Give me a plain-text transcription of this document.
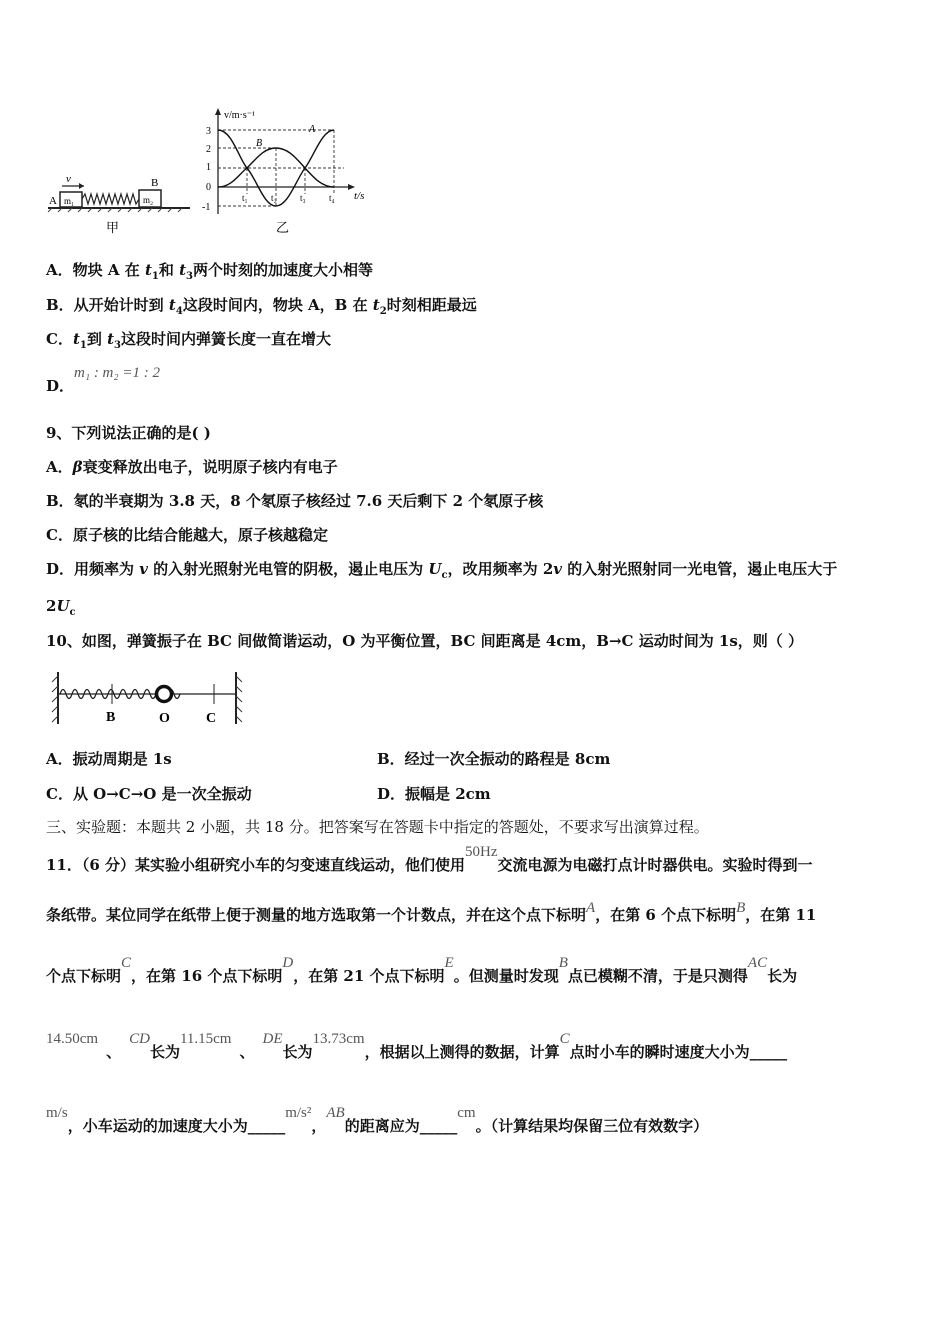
m₁
A	m₂
B
v
甲
v/m·s⁻¹
t/s
3
2
1
0
-1
A
B
t₁	t₂	t₃	t₄
乙
A．物块 A 在 $t_1$和 $t_3$两个时刻的加速度大小相等
B．从开始计时到 $t_4$这段时间内，物块 A，B 在 $t_2$时刻相距最远
C．$t_1$到 $t_3$这段时间内弹簧长度一直在增大
D．m₁ : m₂ =1 : 2
9、下列说法正确的是( )
A．β衰变释放出电子，说明原子核内有电子
B．氡的半衰期为 3.8 天，8 个氡原子核经过 7.6 天后剩下 2 个氡原子核
C．原子核的比结合能越大，原子核越稳定
D．用频率为 v 的入射光照射光电管的阴极，遏止电压为 $U_c$，改用频率为 2v 的入射光照射同一光电管，遏止电压大于
$2U_c$
10、如图，弹簧振子在 BC 间做简谐运动，O 为平衡位置，BC 间距离是 4cm，B→C 运动时间为 1s，则（ ）
B	O	C
A．振动周期是 1s	B．经过一次全振动的路程是 8cm
C．从 O→C→O 是一次全振动	D．振幅是 2cm
三、实验题：本题共 2 小题，共 18 分。把答案写在答题卡中指定的答题处，不要求写出演算过程。
11．（6 分）某实验小组研究小车的匀变速直线运动，他们使用50Hz交流电源为电磁打点计时器供电。实验时得到一
条纸带。某位同学在纸带上便于测量的地方选取第一个计数点，并在这个点下标明A，在第 6 个点下标明B，在第 11
个点下标明C，在第 16 个点下标明D，在第 21 个点下标明E。但测量时发现B点已模糊不清，于是只测得AC长为
14.50cm、CD长为11.15cm、DE长为13.73cm，根据以上测得的数据，计算C点时小车的瞬时速度大小为_____
m/s，小车运动的加速度大小为_____m/s²，AB的距离应为_____cm。（计算结果均保留三位有效数字）
